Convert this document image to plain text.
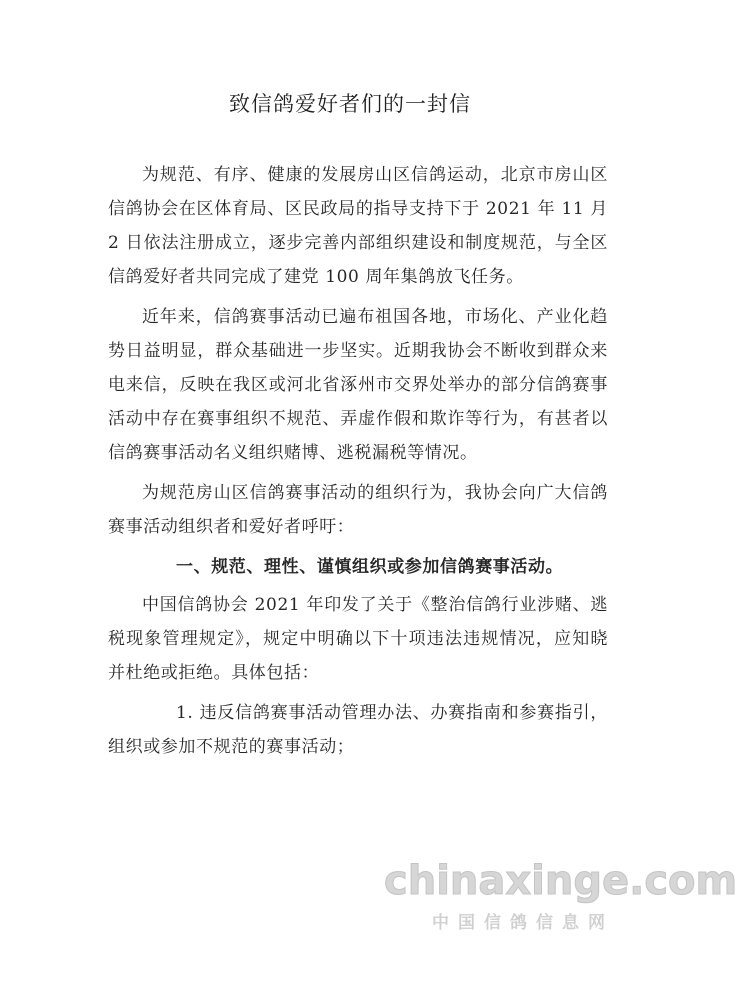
致信鸽爱好者们的一封信

为规范、有序、健康的发展房山区信鸽运动，北京市房山区信鸽协会在区体育局、区民政局的指导支持下于 2021 年 11 月 2 日依法注册成立，逐步完善内部组织建设和制度规范，与全区信鸽爱好者共同完成了建党 100 周年集鸽放飞任务。

近年来，信鸽赛事活动已遍布祖国各地，市场化、产业化趋势日益明显，群众基础进一步坚实。近期我协会不断收到群众来电来信，反映在我区或河北省涿州市交界处举办的部分信鸽赛事活动中存在赛事组织不规范、弄虚作假和欺诈等行为，有甚者以信鸽赛事活动名义组织赌博、逃税漏税等情况。

为规范房山区信鸽赛事活动的组织行为，我协会向广大信鸽赛事活动组织者和爱好者呼吁：

一、规范、理性、谨慎组织或参加信鸽赛事活动。

中国信鸽协会 2021 年印发了关于《整治信鸽行业涉赌、逃税现象管理规定》，规定中明确以下十项违法违规情况，应知晓并杜绝或拒绝。具体包括：

1. 违反信鸽赛事活动管理办法、办赛指南和参赛指引，组织或参加不规范的赛事活动；

chinaxinge.com
中国信鸽信息网
